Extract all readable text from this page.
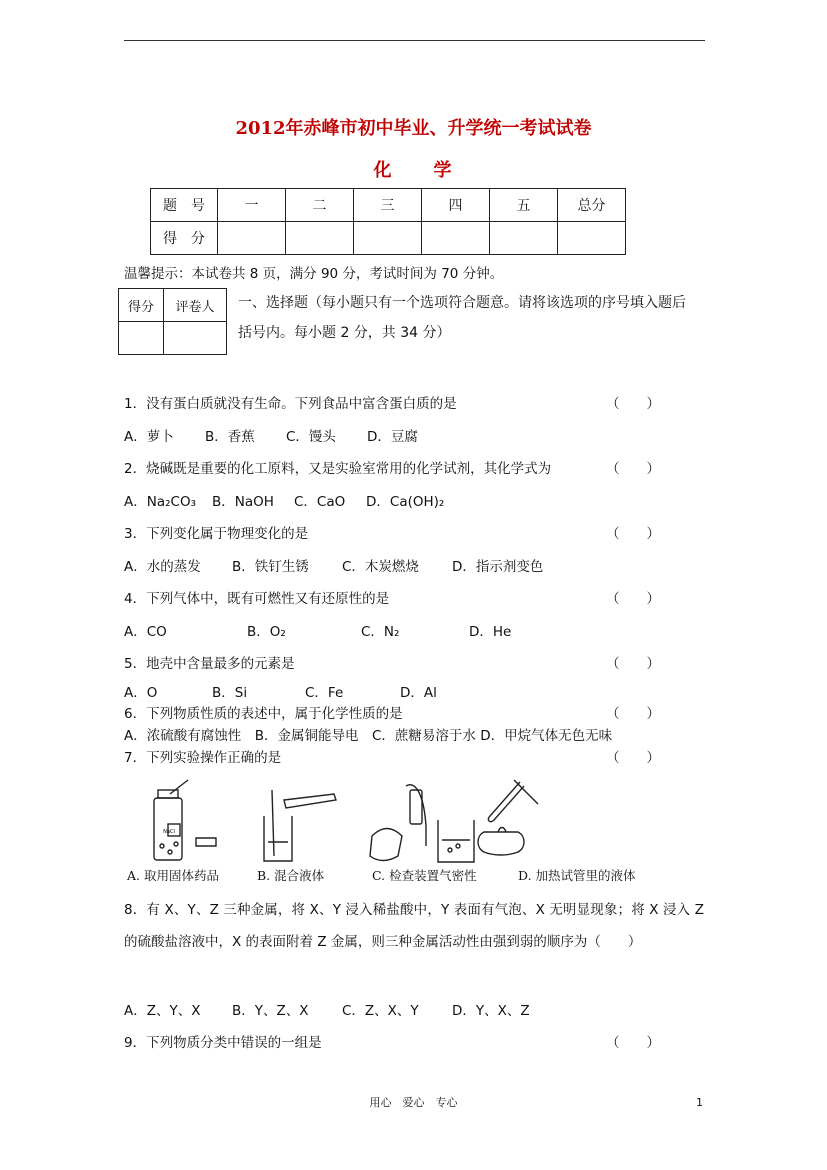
2012年赤峰市初中毕业、升学统一考试试卷
化　　学
题　号	一	二	三	四	五	总分
得　分						
温馨提示：本试卷共 8 页，满分 90 分，考试时间为 70 分钟。
得分	评卷人
	一、选择题（每小题只有一个选项符合题意。请将该选项的序号填入题后
括号内。每小题 2 分，共 34 分）
1．没有蛋白质就没有生命。下列食品中富含蛋白质的是	（　　）
A．萝卜 B．香蕉 C．馒头 D．豆腐
2．烧碱既是重要的化工原料，又是实验室常用的化学试剂，其化学式为	（　　）
A．Na₂CO₃ B．NaOH C．CaO D．Ca(OH)₂
3．下列变化属于物理变化的是	（　　）
A．水的蒸发 B．铁钉生锈 C．木炭燃烧 D．指示剂变色
4．下列气体中，既有可燃性又有还原性的是	（　　）
A．CO	B．O₂	C．N₂	D．He
5．地壳中含量最多的元素是	（　　）
A．O	B．Si	C．Fe	D．Al
6．下列物质性质的表述中，属于化学性质的是	（　　）
A．浓硫酸有腐蚀性　B．金属铜能导电　C．蔗糖易溶于水 D．甲烷气体无色无味
7．下列实验操作正确的是	（　　）
NaCl
A. 取用固体药品	B. 混合液体	C. 检查装置气密性	D. 加热试管里的液体
8．有 X、Y、Z 三种金属，将 X、Y 浸入稀盐酸中，Y 表面有气泡、X 无明显现象；将 X 浸入 Z 的硫酸盐溶液中，X 的表面附着 Z 金属，则三种金属活动性由强到弱的顺序为（　　）
A．Z、Y、X B．Y、Z、X C．Z、X、Y D．Y、X、Z
9．下列物质分类中错误的一组是	（　　）
用心　爱心　专心	1
